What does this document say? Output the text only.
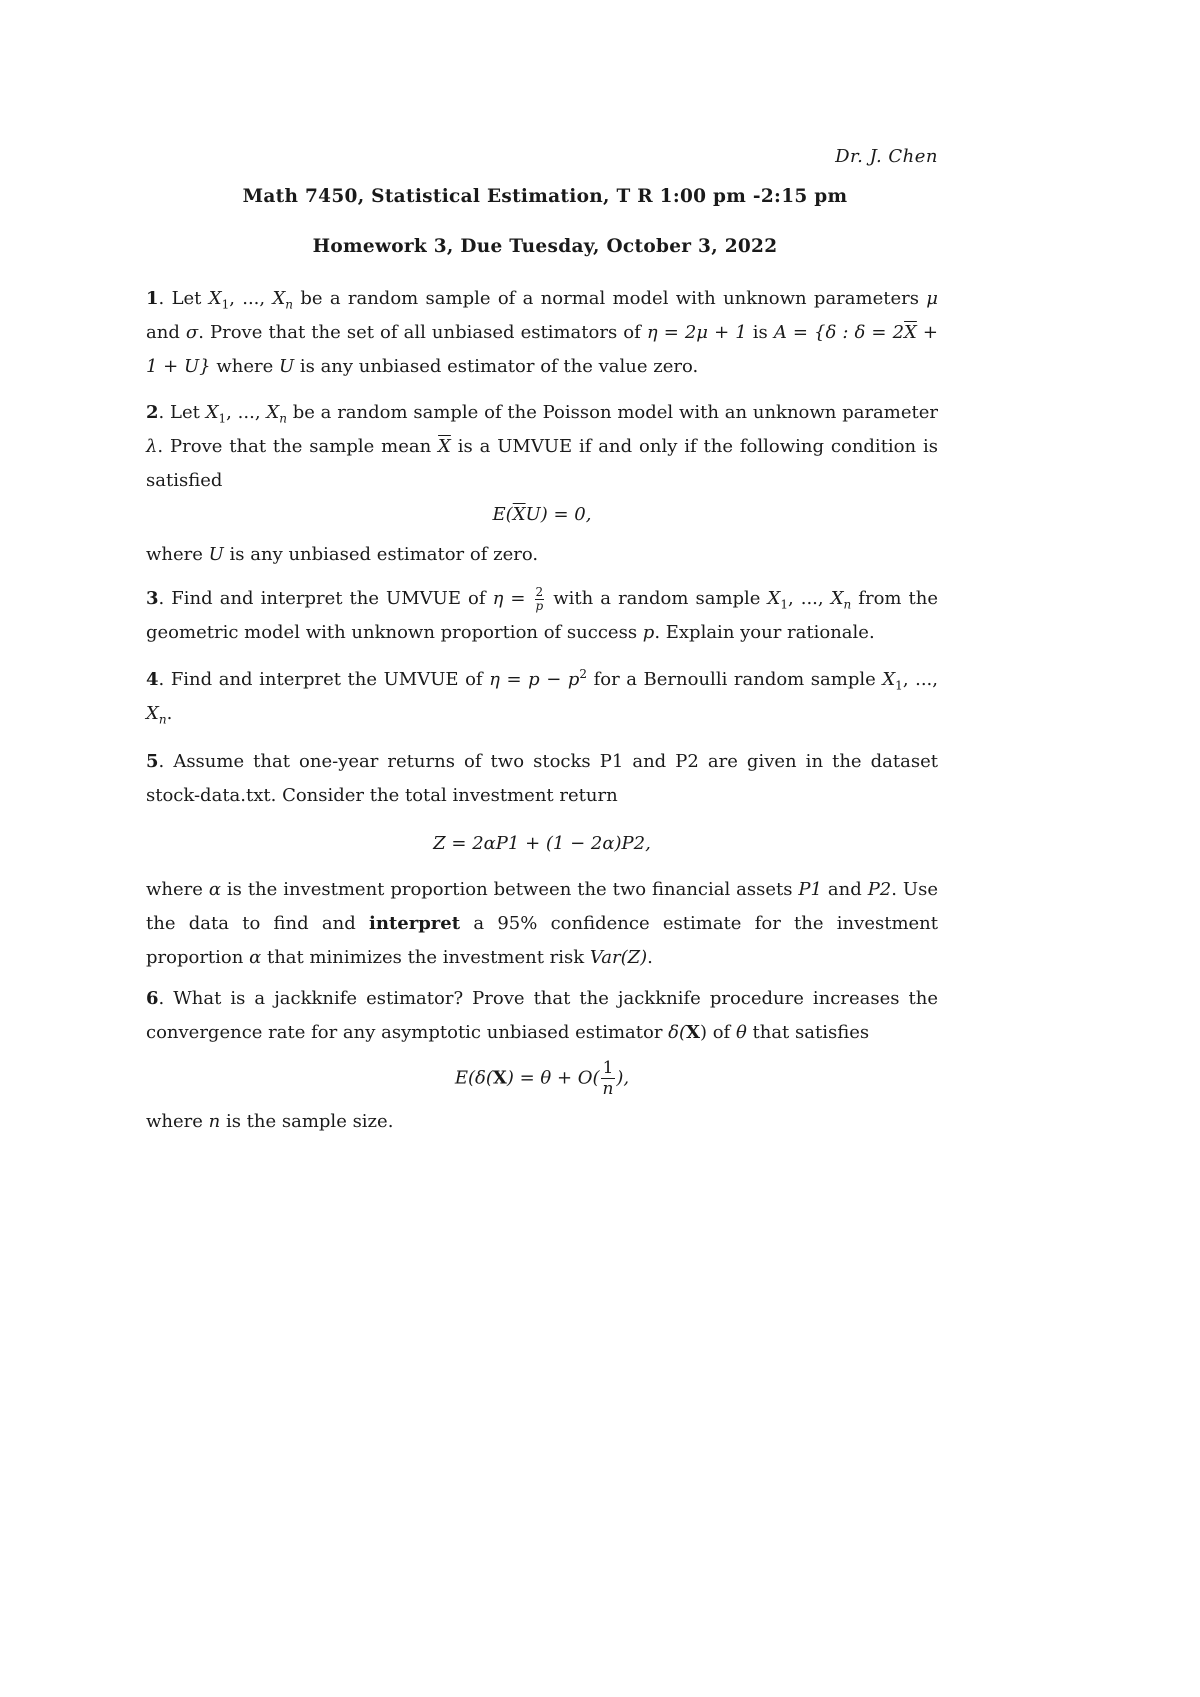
Dr. J. Chen
Math 7450, Statistical Estimation, T R 1:00 pm -2:15 pm
Homework 3, Due Tuesday, October 3, 2022
1. Let $X_1$, ..., $X_n$ be a random sample of a normal model with unknown parameters μ and σ. Prove that the set of all unbiased estimators of η = 2μ + 1 is A = {δ : $\delta = 2\overline{X} + 1 + U$} where U is any unbiased estimator of the value zero.
2. Let $X_1$, ..., $X_n$ be a random sample of the Poisson model with an unknown parameter λ. Prove that the sample mean $\overline{X}$ is a UMVUE if and only if the following condition is satisfied
$E(\overline{X}U) = 0$,
where U is any unbiased estimator of zero.
3. Find and interpret the UMVUE of $\eta = \frac{2}{p}$ with a random sample $X_1$, ..., $X_n$ from the geometric model with unknown proportion of success p. Explain your rationale.
4. Find and interpret the UMVUE of $\eta = p - p^2$ for a Bernoulli random sample $X_1$, ..., $X_n$.
5. Assume that one-year returns of two stocks P1 and P2 are given in the dataset stock-data.txt. Consider the total investment return
Z = 2αP1 + (1 − 2α)P2,
where α is the investment proportion between the two financial assets P1 and P2. Use the data to find and interpret a 95% confidence estimate for the investment proportion α that minimizes the investment risk Var(Z).
6. What is a jackknife estimator? Prove that the jackknife procedure increases the convergence rate for any asymptotic unbiased estimator δ(X) of θ that satisfies
$E(\delta(X) = \theta + O( \frac{1}{n}$ ),
where n is the sample size.
